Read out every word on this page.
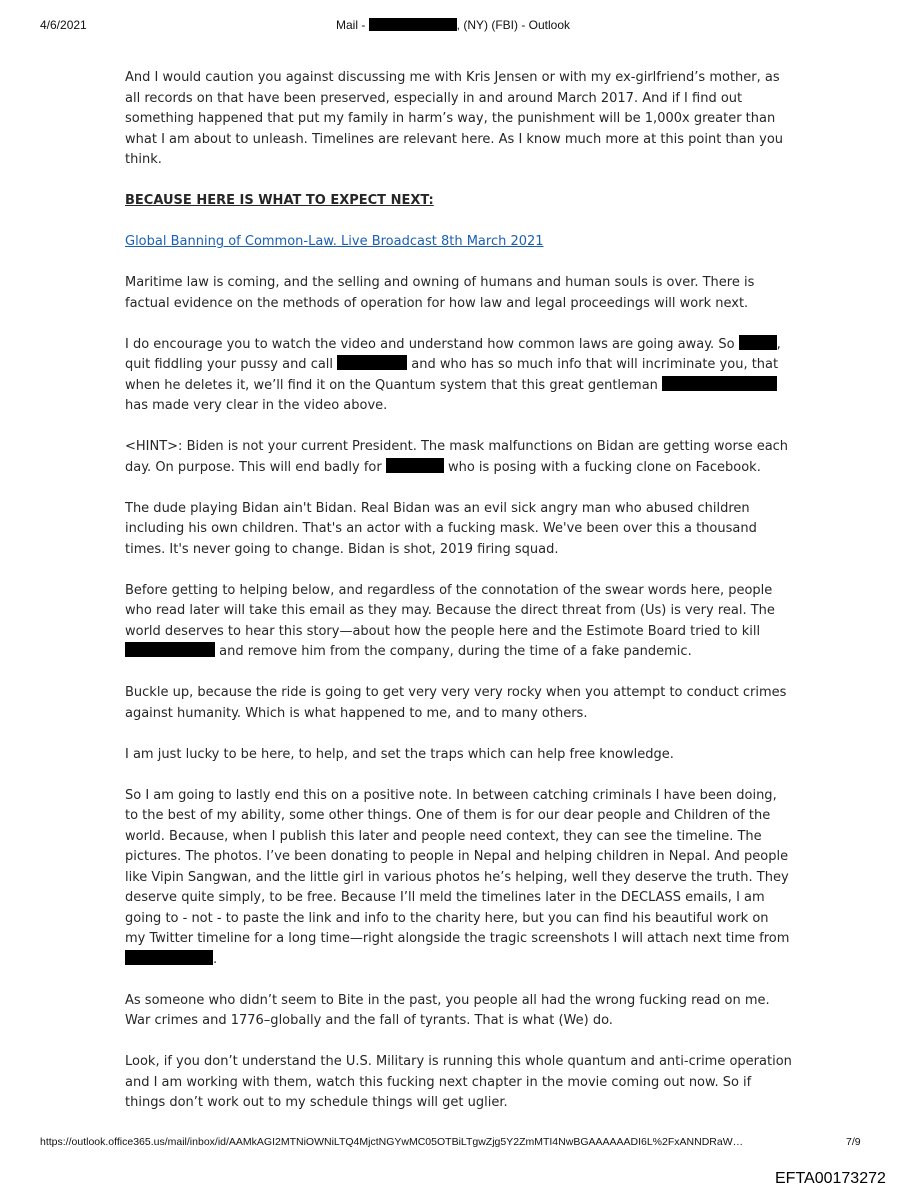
4/6/2021	Mail -	, (NY) (FBI) - Outlook

And I would caution you against discussing me with Kris Jensen or with my ex-girlfriend’s mother, as all records on that have been preserved, especially in and around March 2017. And if I find out something happened that put my family in harm’s way, the punishment will be 1,000x greater than what I am about to unleash. Timelines are relevant here. As I know much more at this point than you think.

BECAUSE HERE IS WHAT TO EXPECT NEXT:

Global Banning of Common-Law. Live Broadcast 8th March 2021

Maritime law is coming, and the selling and owning of humans and human souls is over. There is factual evidence on the methods of operation for how law and legal proceedings will work next.

I do encourage you to watch the video and understand how common laws are going away. So	, quit fiddling your pussy and call	and who has so much info that will incriminate you, that when he deletes it, we’ll find it on the Quantum system that this great gentleman  has made very clear in the video above.

<HINT>: Biden is not your current President. The mask malfunctions on Bidan are getting worse each day. On purpose. This will end badly for	who is posing with a fucking clone on Facebook.

The dude playing Bidan ain't Bidan. Real Bidan was an evil sick angry man who abused children including his own children. That's an actor with a fucking mask. We've been over this a thousand times. It's never going to change. Bidan is shot, 2019 firing squad.

Before getting to helping below, and regardless of the connotation of the swear words here, people who read later will take this email as they may. Because the direct threat from (Us) is very real. The world deserves to hear this story—about how the people here and the Estimote Board tried to kill  and remove him from the company, during the time of a fake pandemic.

Buckle up, because the ride is going to get very very very rocky when you attempt to conduct crimes against humanity. Which is what happened to me, and to many others.

I am just lucky to be here, to help, and set the traps which can help free knowledge.

So I am going to lastly end this on a positive note. In between catching criminals I have been doing, to the best of my ability, some other things. One of them is for our dear people and Children of the world. Because, when I publish this later and people need context, they can see the timeline. The pictures. The photos. I’ve been donating to people in Nepal and helping children in Nepal. And people like Vipin Sangwan, and the little girl in various photos he’s helping, well they deserve the truth. They deserve quite simply, to be free. Because I’ll meld the timelines later in the DECLASS emails, I am going to - not - to paste the link and info to the charity here, but you can find his beautiful work on my Twitter timeline for a long time—right alongside the tragic screenshots I will attach next time from .

As someone who didn’t seem to Bite in the past, you people all had the wrong fucking read on me. War crimes and 1776–globally and the fall of tyrants. That is what (We) do.

Look, if you don’t understand the U.S. Military is running this whole quantum and anti-crime operation and I am working with them, watch this fucking next chapter in the movie coming out now. So if things don’t work out to my schedule things will get uglier.

https://outlook.office365.us/mail/inbox/id/AAMkAGI2MTNiOWNiLTQ4MjctNGYwMC05OTBiLTgwZjg5Y2ZmMTI4NwBGAAAAAADI6L%2FxANNDRaW…	7/9
EFTA00173272
